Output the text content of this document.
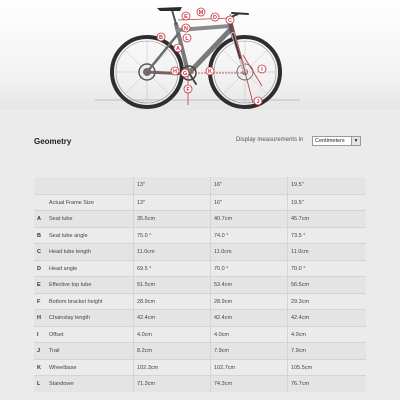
E
M
D C
B
N
L
A
I
K
H G
F
J
Geometry	Display measurements in	Centimeters	▼
13"	16"	19.5"
Actual Frame Size	13"	16"	19.5"
A Seat tube	35.6cm	40.7cm	45.7cm
B Seat tube angle	75.0 °	74.0 °	73.5 °
C Head tube length	11.0cm	11.0cm	11.0cm
D Head angle	69.5 °	70.0 °	70.0 °
E Effective top tube	51.5cm	53.4cm	56.5cm
F Bottom bracket height	28.9cm	28.9cm	29.3cm
H Chainstay length	42.4cm	42.4cm	42.4cm
I Offset	4.0cm	4.0cm	4.0cm
J Trail	8.2cm	7.9cm	7.9cm
K Wheelbase	102.3cm	102.7cm	105.5cm
L Standover	71.3cm	74.3cm	76.7cm
